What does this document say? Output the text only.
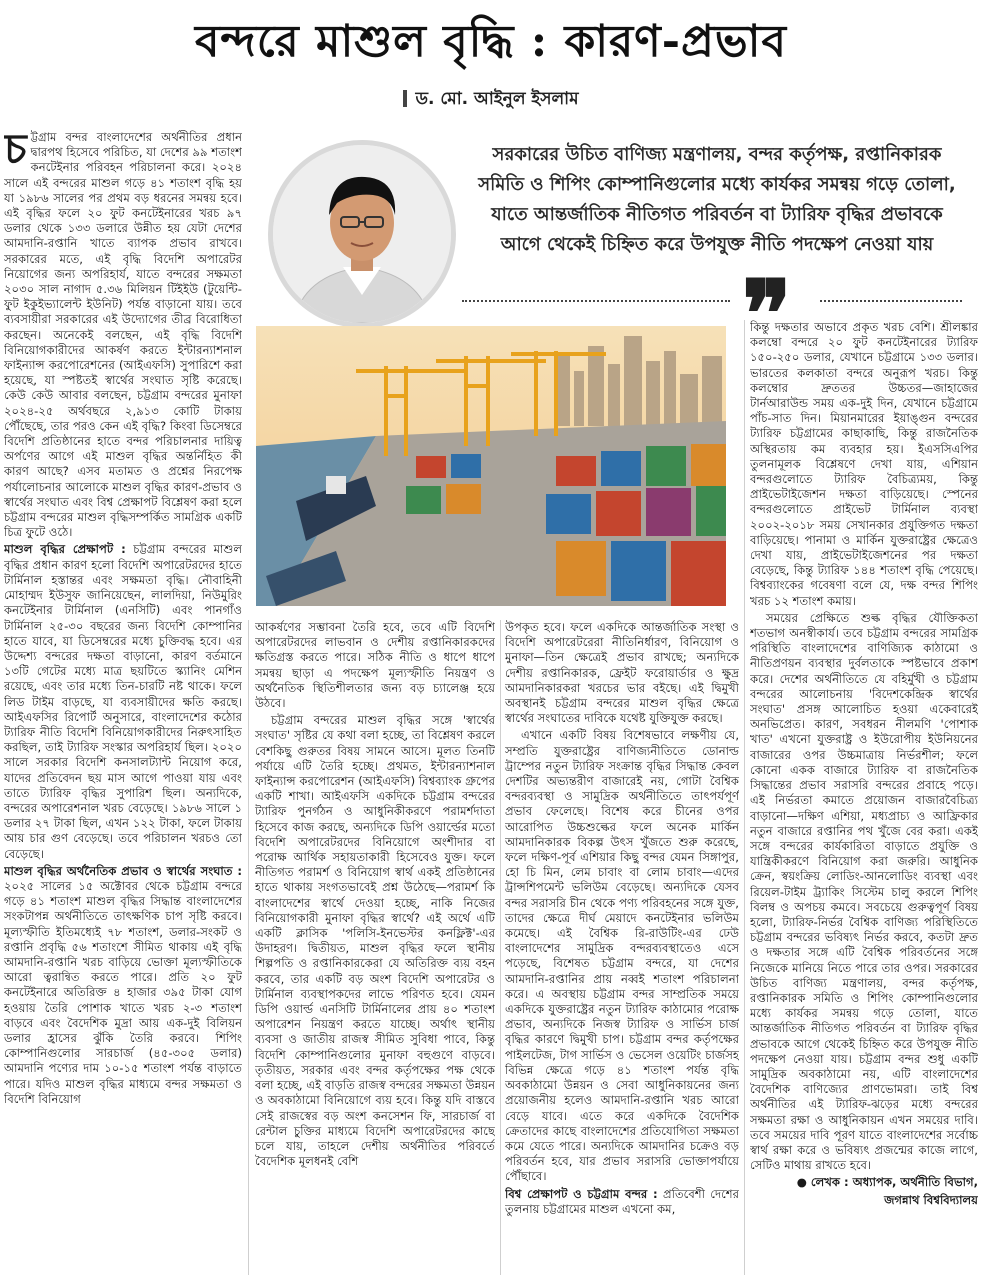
বন্দরে মাশুল বৃদ্ধি : কারণ-প্রভাব
ড. মো. আইনুল ইসলাম

চট্টগ্রাম বন্দর বাংলাদেশের অর্থনীতির প্রধান দ্বারপথ হিসেবে পরিচিত, যা দেশের ৯৯ শতাংশ কনটেইনার পরিবহন পরিচালনা করে। ২০২৪ সালে এই বন্দরের মাশুল গড়ে ৪১ শতাংশ বৃদ্ধি হয় যা ১৯৮৬ সালের পর প্রথম বড় ধরনের সমন্বয় হবে। এই বৃদ্ধির ফলে ২০ ফুট কনটেইনারের খরচ ৯৭ ডলার থেকে ১৩৩ ডলারে উন্নীত হয় যেটা দেশের আমদানি-রপ্তানি খাতে ব্যাপক প্রভাব রাখবে। সরকারের মতে, এই বৃদ্ধি বিদেশি অপারেটর নিয়োগের জন্য অপরিহার্য, যাতে বন্দরের সক্ষমতা ২০৩০ সাল নাগাদ ৫.৩৬ মিলিয়ন টিইইউ (টুয়েন্টি-ফুট ইকুইভ্যালেন্ট ইউনিট) পর্যন্ত বাড়ানো যায়। তবে ব্যবসায়ীরা সরকারের এই উদ্যোগের তীব্র বিরোধিতা করছেন। অনেকেই বলছেন, এই বৃদ্ধি বিদেশি বিনিয়োগকারীদের আকর্ষণ করতে ইন্টারন্যাশনাল ফাইন্যান্স করপোরেশনের (আইএফসি) সুপারিশে করা হয়েছে, যা স্পষ্টতই স্বার্থের সংঘাত সৃষ্টি করেছে। কেউ কেউ আবার বলছেন, চট্টগ্রাম বন্দরের মুনাফা ২০২৪-২৫ অর্থবছরে ২,৯১৩ কোটি টাকায় পৌঁছেছে, তার পরও কেন এই বৃদ্ধি? কিংবা ডিসেম্বরে বিদেশি প্রতিষ্ঠানের হাতে বন্দর পরিচালনার দায়িত্ব অর্পণের আগে এই মাশুল বৃদ্ধির অন্তর্নিহিত কী কারণ আছে? এসব মতামত ও প্রশ্নের নিরপেক্ষ পর্যালোচনার আলোকে মাশুল বৃদ্ধির কারণ-প্রভাব ও স্বার্থের সংঘাত এবং বিশ্ব প্রেক্ষাপট বিশ্লেষণ করা হলে চট্টগ্রাম বন্দরের মাশুল বৃদ্ধিসম্পর্কিত সামগ্রিক একটি চিত্র ফুটে ওঠে।

মাশুল বৃদ্ধির প্রেক্ষাপট : চট্টগ্রাম বন্দরের মাশুল বৃদ্ধির প্রধান কারণ হলো বিদেশি অপারেটরদের হাতে টার্মিনাল হস্তান্তর এবং সক্ষমতা বৃদ্ধি। নৌবাহিনী মোহাম্মদ ইউসুফ জানিয়েছেন, লালদিয়া, নিউমুরিং কনটেইনার টার্মিনাল (এনসিটি) এবং পানগাঁও টার্মিনাল ২৫-৩০ বছরের জন্য বিদেশি কোম্পানির হাতে যাবে, যা ডিসেম্বরের মধ্যে চুক্তিবদ্ধ হবে। এর উদ্দেশ্য বন্দরের দক্ষতা বাড়ানো, কারণ বর্তমানে ১৩টি গেটের মধ্যে মাত্র ছয়টিতে স্ক্যানিং মেশিন রয়েছে, এবং তার মধ্যে তিন-চারটি নষ্ট থাকে। ফলে লিড টাইম বাড়ছে, যা ব্যবসায়ীদের ক্ষতি করছে। আইএফসির রিপোর্ট অনুসারে, বাংলাদেশের কঠোর ট্যারিফ নীতি বিদেশি বিনিয়োগকারীদের নিরুৎসাহিত করছিল, তাই ট্যারিফ সংস্কার অপরিহার্য ছিল। ২০২০ সালে সরকার বিদেশি কনসালট্যান্ট নিয়োগ করে, যাদের প্রতিবেদন ছয় মাস আগে পাওয়া যায় এবং তাতে ট্যারিফ বৃদ্ধির সুপারিশ ছিল। অন্যদিকে, বন্দরের অপারেশনাল খরচ বেড়েছে। ১৯৮৬ সালে ১ ডলার ২৭ টাকা ছিল, এখন ১২২ টাকা, ফলে টাকায় আয় চার গুণ বেড়েছে। তবে পরিচালন খরচও তো বেড়েছে।

মাশুল বৃদ্ধির অর্থনৈতিক প্রভাব ও স্বার্থের সংঘাত : ২০২৫ সালের ১৫ অক্টোবর থেকে চট্টগ্রাম বন্দরে গড়ে ৪১ শতাংশ মাশুল বৃদ্ধির সিদ্ধান্ত বাংলাদেশের সংকটাপন্ন অর্থনীতিতে তাৎক্ষণিক চাপ সৃষ্টি করবে। মূল্যস্ফীতি ইতিমধ্যেই ৭৮ শতাংশ, ডলার-সংকট ও রপ্তানি প্রবৃদ্ধি ৫৬ শতাংশে সীমিত থাকায় এই বৃদ্ধি আমদানি-রপ্তানি খরচ বাড়িয়ে ভোক্তা মূল্যস্ফীতিকে আরো ত্বরান্বিত করতে পারে। প্রতি ২০ ফুট কনটেইনারে অতিরিক্ত ৪ হাজার ৩৯৫ টাকা যোগ হওয়ায় তৈরি পোশাক খাতে খরচ ২-৩ শতাংশ বাড়বে এবং বৈদেশিক মুদ্রা আয় এক-দুই বিলিয়ন ডলার হ্রাসের ঝুঁকি তৈরি করবে। শিপিং কোম্পানিগুলোর সারচার্জ (৪৫-৩০৫ ডলার) আমদানি পণ্যের দাম ১০-১৫ শতাংশ পর্যন্ত বাড়াতে পারে। যদিও মাশুল বৃদ্ধির মাধ্যমে বন্দর সক্ষমতা ও বিদেশি বিনিয়োগ

সরকারের উচিত বাণিজ্য মন্ত্রণালয়, বন্দর কর্তৃপক্ষ, রপ্তানিকারক সমিতি ও শিপিং কোম্পানিগুলোর মধ্যে কার্যকর সমন্বয় গড়ে তোলা, যাতে আন্তর্জাতিক নীতিগত পরিবর্তন বা ট্যারিফ বৃদ্ধির প্রভাবকে আগে থেকেই চিহ্নিত করে উপযুক্ত নীতি পদক্ষেপ নেওয়া যায়
❞

আকর্ষণের সম্ভাবনা তৈরি হবে, তবে এটি বিদেশি অপারেটরদের লাভবান ও দেশীয় রপ্তানিকারকদের ক্ষতিগ্রস্ত করতে পারে। সঠিক নীতি ও ধাপে ধাপে সমন্বয় ছাড়া এ পদক্ষেপ মূল্যস্ফীতি নিয়ন্ত্রণ ও অর্থনৈতিক স্থিতিশীলতার জন্য বড় চ্যালেঞ্জ হয়ে উঠবে।

চট্টগ্রাম বন্দরের মাশুল বৃদ্ধির সঙ্গে 'স্বার্থের সংঘাত' সৃষ্টির যে কথা বলা হচ্ছে, তা বিশ্লেষণ করলে বেশকিছু গুরুতর বিষয় সামনে আসে। মূলত তিনটি পর্যায়ে এটি তৈরি হচ্ছে। প্রথমত, ইন্টারন্যাশনাল ফাইন্যান্স করপোরেশন (আইএফসি) বিশ্বব্যাংক গ্রুপের একটি শাখা। আইএফসি একদিকে চট্টগ্রাম বন্দরের ট্যারিফ পুনর্গঠন ও আধুনিকীকরণে পরামর্শদাতা হিসেবে কাজ করছে, অন্যদিকে ডিপি ওয়ার্ল্ডের মতো বিদেশি অপারেটরদের বিনিয়োগে অংশীদার বা পরোক্ষ আর্থিক সহায়তাকারী হিসেবেও যুক্ত। ফলে নীতিগত পরামর্শ ও বিনিয়োগ স্বার্থ একই প্রতিষ্ঠানের হাতে থাকায় সংগতভাবেই প্রশ্ন উঠেছে—পরামর্শ কি বাংলাদেশের স্বার্থে দেওয়া হচ্ছে, নাকি নিজের বিনিয়োগকারী মুনাফা বৃদ্ধির স্বার্থে? এই অর্থে এটি একটি ক্লাসিক 'পলিসি-ইনভেস্টর কনফ্লিক্ট'-এর উদাহরণ। দ্বিতীয়ত, মাশুল বৃদ্ধির ফলে স্থানীয় শিল্পপতি ও রপ্তানিকারকেরা যে অতিরিক্ত ব্যয় বহন করবে, তার একটি বড় অংশ বিদেশি অপারেটর ও টার্মিনাল ব্যবস্থাপকদের লাভে পরিণত হবে। যেমন ডিপি ওয়ার্ল্ড এনসিটি টার্মিনালের প্রায় ৪০ শতাংশ অপারেশন নিয়ন্ত্রণ করতে যাচ্ছে। অর্থাৎ স্থানীয় ব্যবসা ও জাতীয় রাজস্ব সীমিত সুবিধা পাবে, কিন্তু বিদেশি কোম্পানিগুলোর মুনাফা বহুগুণে বাড়বে। তৃতীয়ত, সরকার এবং বন্দর কর্তৃপক্ষের পক্ষ থেকে বলা হচ্ছে, এই বাড়তি রাজস্ব বন্দরের সক্ষমতা উন্নয়ন ও অবকাঠামো বিনিয়োগে ব্যয় হবে। কিন্তু যদি বাস্তবে সেই রাজস্বের বড় অংশ কনসেশন ফি, সারচার্জ বা রেন্টাল চুক্তির মাধ্যমে বিদেশি অপারেটরদের কাছে চলে যায়, তাহলে দেশীয় অর্থনীতির পরিবর্তে বৈদেশিক মূলধনই বেশি

উপকৃত হবে। ফলে একদিকে আন্তর্জাতিক সংস্থা ও বিদেশি অপারেটরেরা নীতিনির্ধারণ, বিনিয়োগ ও মুনাফা—তিন ক্ষেত্রেই প্রভাব রাখছে; অন্যদিকে দেশীয় রপ্তানিকারক, ফ্রেইট ফরোয়ার্ডার ও ক্ষুদ্র আমদানিকারকরা খরচের ভার বইছে। এই দ্বিমুখী অবস্থানই চট্টগ্রাম বন্দরের মাশুল বৃদ্ধির ক্ষেত্রে স্বার্থের সংঘাতের দাবিকে যথেষ্ট যুক্তিযুক্ত করছে।

এখানে একটি বিষয় বিশেষভাবে লক্ষণীয় যে, সম্প্রতি যুক্তরাষ্ট্রের বাণিজ্যনীতিতে ডোনাল্ড ট্রাম্পের নতুন ট্যারিফ সংক্রান্ত বৃদ্ধির সিদ্ধান্ত কেবল দেশটির অভ্যন্তরীণ বাজারেই নয়, গোটা বৈশ্বিক বন্দরব্যবস্থা ও সামুদ্রিক অর্থনীতিতে তাৎপর্যপূর্ণ প্রভাব ফেলেছে। বিশেষ করে চীনের ওপর আরোপিত উচ্চশুল্কের ফলে অনেক মার্কিন আমদানিকারক বিকল্প উৎস খুঁজতে শুরু করেছে, ফলে দক্ষিণ-পূর্ব এশিয়ার কিছু বন্দর যেমন সিঙ্গাপুর, হো চি মিন, লেম চাবাং বা লোম চাবাং—এদের ট্রান্সশিপমেন্ট ভলিউম বেড়েছে। অন্যদিকে যেসব বন্দর সরাসরি চীন থেকে পণ্য পরিবহনের সঙ্গে যুক্ত, তাদের ক্ষেত্রে দীর্ঘ মেয়াদে কনটেইনার ভলিউম কমেছে। এই বৈশ্বিক রি-রাউটিং-এর ঢেউ বাংলাদেশের সামুদ্রিক বন্দরব্যবস্থাতেও এসে পড়েছে, বিশেষত চট্টগ্রাম বন্দরে, যা দেশের আমদানি-রপ্তানির প্রায় নব্বই শতাংশ পরিচালনা করে। এ অবস্থায় চট্টগ্রাম বন্দর সাম্প্রতিক সময়ে একদিকে যুক্তরাষ্ট্রের নতুন ট্যারিফ কাঠামোর পরোক্ষ প্রভাব, অন্যদিকে নিজস্ব ট্যারিফ ও সার্ভিস চার্জ বৃদ্ধির কারণে দ্বিমুখী চাপ। চট্টগ্রাম বন্দর কর্তৃপক্ষের পাইলটেজ, টাগ সার্ভিস ও ভেসেল ওয়েটিং চার্জসহ বিভিন্ন ক্ষেত্রে গড়ে ৪১ শতাংশ পর্যন্ত বৃদ্ধি অবকাঠামো উন্নয়ন ও সেবা আধুনিকায়নের জন্য প্রয়োজনীয় হলেও আমদানি-রপ্তানি খরচ আরো বেড়ে যাবে। এতে করে একদিকে বৈদেশিক ক্রেতাদের কাছে বাংলাদেশের প্রতিযোগিতা সক্ষমতা কমে যেতে পারে। অন্যদিকে আমদানির চক্রেও বড় পরিবর্তন হবে, যার প্রভাব সরাসরি ভোক্তাপর্যায়ে পৌঁছাবে।

বিশ্ব প্রেক্ষাপট ও চট্টগ্রাম বন্দর : প্রতিবেশী দেশের তুলনায় চট্টগ্রামের মাশুল এখনো কম,

কিন্তু দক্ষতার অভাবে প্রকৃত খরচ বেশি। শ্রীলঙ্কার কলম্বো বন্দরে ২০ ফুট কনটেইনারের ট্যারিফ ১৫০-২৫০ ডলার, যেখানে চট্টগ্রামে ১৩৩ ডলার। ভারতের কলকাতা বন্দরে অনুরূপ খরচ। কিন্তু কলম্বোর দ্রুততর উচ্চতর—জাহাজের টার্নআরাউন্ড সময় এক-দুই দিন, যেখানে চট্টগ্রামে পাঁচ-সাত দিন। মিয়ানমারের ইয়াঙ্গুন বন্দরের ট্যারিফ চট্টগ্রামের কাছাকাছি, কিন্তু রাজনৈতিক অস্থিরতায় কম ব্যবহার হয়। ইএসসিএপির তুলনামূলক বিশ্লেষণে দেখা যায়, এশিয়ান বন্দরগুলোতে ট্যারিফ বৈচিত্র্যময়, কিন্তু প্রাইভেটাইজেশন দক্ষতা বাড়িয়েছে। স্পেনের বন্দরগুলোতে প্রাইভেট টার্মিনাল ব্যবস্থা ২০০২-২০১৮ সময় সেখানকার প্রযুক্তিগত দক্ষতা বাড়িয়েছে। পানামা ও মার্কিন যুক্তরাষ্ট্রের ক্ষেত্রেও দেখা যায়, প্রাইভেটাইজেশনের পর দক্ষতা বেড়েছে, কিন্তু ট্যারিফ ১৪৪ শতাংশ বৃদ্ধি পেয়েছে। বিশ্বব্যাংকের গবেষণা বলে যে, দক্ষ বন্দর শিপিং খরচ ১২ শতাংশ কমায়।

সময়ের প্রেক্ষিতে শুল্ক বৃদ্ধির যৌক্তিকতা শতভাগ অনস্বীকার্য। তবে চট্টগ্রাম বন্দরের সামগ্রিক পরিস্থিতি বাংলাদেশের বাণিজ্যিক কাঠামো ও নীতিপ্রণয়ন ব্যবস্থার দুর্বলতাকে স্পষ্টভাবে প্রকাশ করে। দেশের অর্থনীতিতে যে বহির্মুখী ও চট্টগ্রাম বন্দরের আলোচনায় 'বিদেশকেন্দ্রিক স্বার্থের সংঘাত' প্রসঙ্গ আলোচিত হওয়া একেবারেই অনভিপ্রেত। কারণ, সবধরন নীলমণি 'পোশাক খাত' এখনো যুক্তরাষ্ট্র ও ইউরোপীয় ইউনিয়নের বাজারের ওপর উচ্চমাত্রায় নির্ভরশীল; ফলে কোনো একক বাজারে ট্যারিফ বা রাজনৈতিক সিদ্ধান্তের প্রভাব সরাসরি বন্দরের প্রবাহে পড়ে। এই নির্ভরতা কমাতে প্রয়োজন বাজারবৈচিত্র্য বাড়ানো—দক্ষিণ এশিয়া, মধ্যপ্রাচ্য ও আফ্রিকার নতুন বাজারে রপ্তানির পথ খুঁজে বের করা। একই সঙ্গে বন্দরের কার্যকারিতা বাড়াতে প্রযুক্তি ও যান্ত্রিকীকরণে বিনিয়োগ করা জরুরি। আধুনিক ক্রেন, স্বয়ংক্রিয় লোডিং-আনলোডিং ব্যবস্থা এবং রিয়েল-টাইম ট্র্যাকিং সিস্টেম চালু করলে শিপিং বিলম্ব ও অপচয় কমবে। সবচেয়ে গুরুত্বপূর্ণ বিষয় হলো, ট্যারিফ-নির্ভর বৈশ্বিক বাণিজ্য পরিস্থিতিতে চট্টগ্রাম বন্দরের ভবিষ্যৎ নির্ভর করবে, কতটা দ্রুত ও দক্ষতার সঙ্গে এটি বৈশ্বিক পরিবর্তনের সঙ্গে নিজেকে মানিয়ে নিতে পারে তার ওপর। সরকারের উচিত বাণিজ্য মন্ত্রণালয়, বন্দর কর্তৃপক্ষ, রপ্তানিকারক সমিতি ও শিপিং কোম্পানিগুলোর মধ্যে কার্যকর সমন্বয় গড়ে তোলা, যাতে আন্তর্জাতিক নীতিগত পরিবর্তন বা ট্যারিফ বৃদ্ধির প্রভাবকে আগে থেকেই চিহ্নিত করে উপযুক্ত নীতি পদক্ষেপ নেওয়া যায়। চট্টগ্রাম বন্দর শুধু একটি সামুদ্রিক অবকাঠামো নয়, এটি বাংলাদেশের বৈদেশিক বাণিজ্যের প্রাণভোমরা। তাই বিশ্ব অর্থনীতির এই ট্যারিফ-ঝড়ের মধ্যে বন্দরের সক্ষমতা রক্ষা ও আধুনিকায়ন এখন সময়ের দাবি। তবে সময়ের দাবি পূরণ যাতে বাংলাদেশের সর্বোচ্চ স্বার্থ রক্ষা করে ও ভবিষ্যৎ প্রজন্মের কাজে লাগে, সেটিও মাথায় রাখতে হবে।

● লেখক : অধ্যাপক, অর্থনীতি বিভাগ,

জগন্নাথ বিশ্ববিদ্যালয়
